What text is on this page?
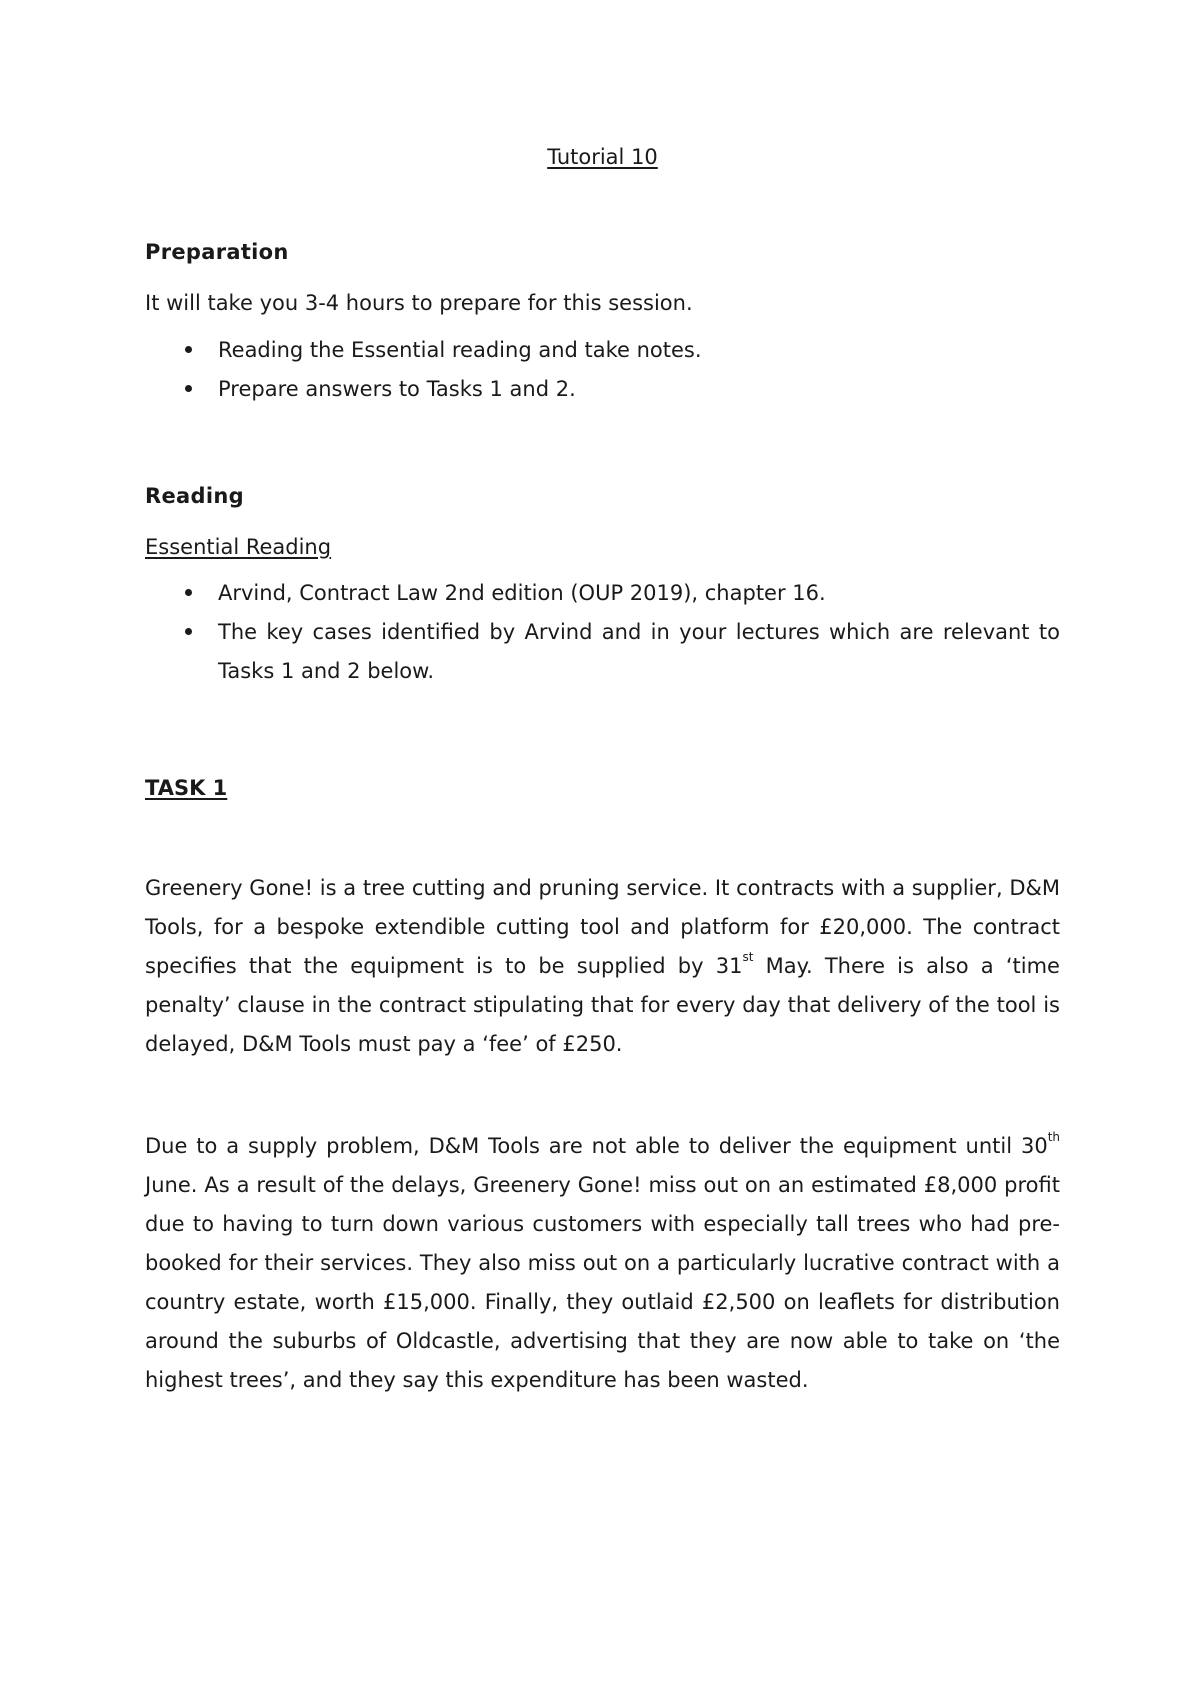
Tutorial 10
Preparation

It will take you 3-4 hours to prepare for this session.

Reading the Essential reading and take notes.
Prepare answers to Tasks 1 and 2.
Reading

Essential Reading

Arvind, Contract Law 2nd edition (OUP 2019), chapter 16.
The key cases identified by Arvind and in your lectures which are relevant to Tasks 1 and 2 below.
TASK 1

Greenery Gone! is a tree cutting and pruning service. It contracts with a supplier, D&M Tools, for a bespoke extendible cutting tool and platform for £20,000. The contract specifies that the equipment is to be supplied by 31st May. There is also a ‘time penalty’ clause in the contract stipulating that for every day that delivery of the tool is delayed, D&M Tools must pay a ‘fee’ of £250.

Due to a supply problem, D&M Tools are not able to deliver the equipment until 30th June. As a result of the delays, Greenery Gone! miss out on an estimated £8,000 profit due to having to turn down various customers with especially tall trees who had pre-booked for their services. They also miss out on a particularly lucrative contract with a country estate, worth £15,000. Finally, they outlaid £2,500 on leaflets for distribution around the suburbs of Oldcastle, advertising that they are now able to take on ‘the highest trees’, and they say this expenditure has been wasted.
